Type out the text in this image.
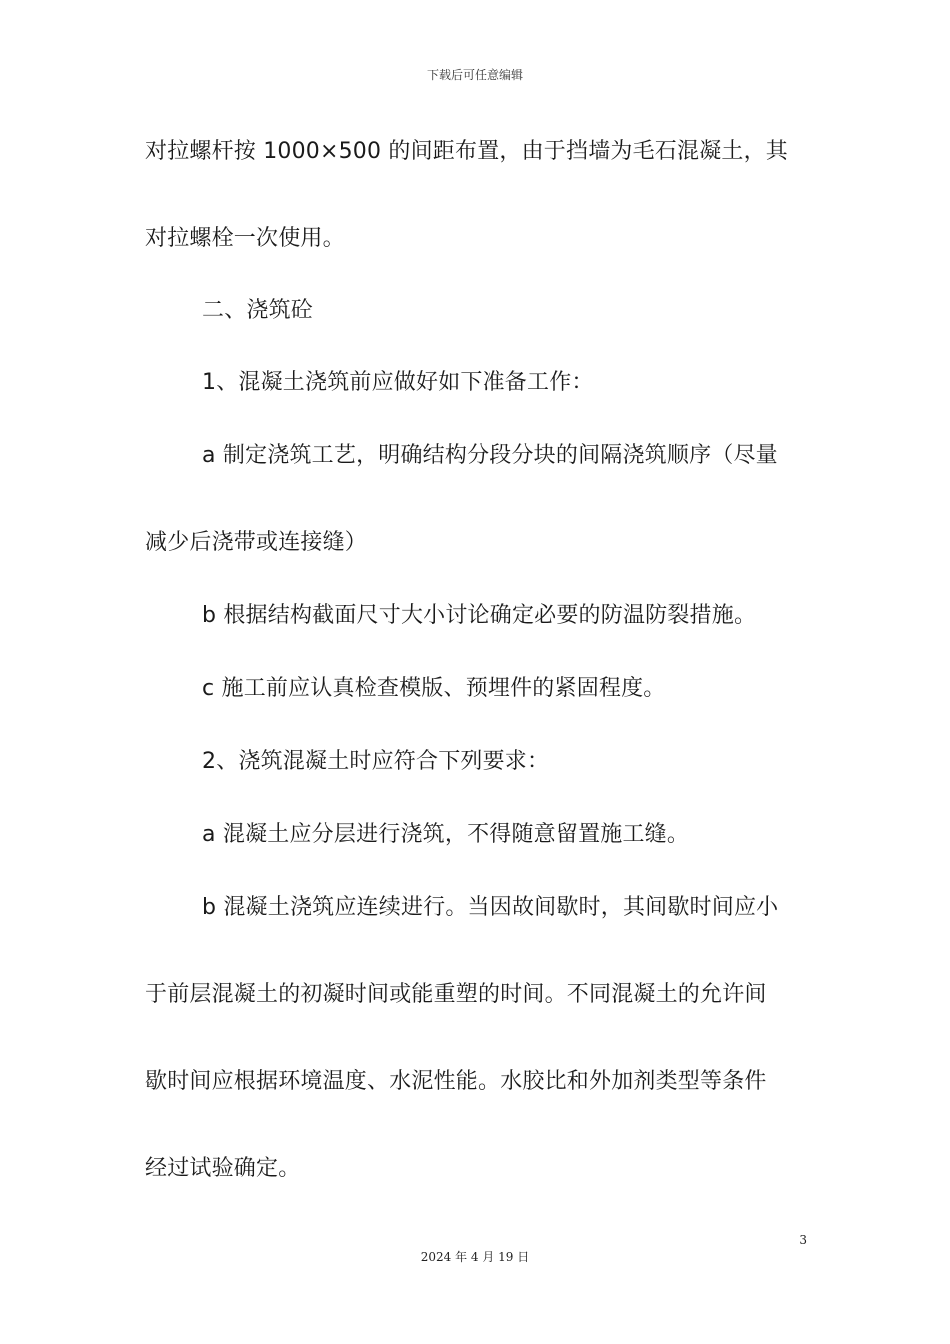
下载后可任意编辑
对拉螺杆按 1000×500 的间距布置，由于挡墙为毛石混凝土，其
对拉螺栓一次使用。
二、浇筑砼
1、混凝土浇筑前应做好如下准备工作：
a 制定浇筑工艺，明确结构分段分块的间隔浇筑顺序（尽量
减少后浇带或连接缝）
b 根据结构截面尺寸大小讨论确定必要的防温防裂措施。
c 施工前应认真检查模版、预埋件的紧固程度。
2、浇筑混凝土时应符合下列要求：
a 混凝土应分层进行浇筑，不得随意留置施工缝。
b 混凝土浇筑应连续进行。当因故间歇时，其间歇时间应小
于前层混凝土的初凝时间或能重塑的时间。不同混凝土的允许间
歇时间应根据环境温度、水泥性能。水胶比和外加剂类型等条件
经过试验确定。
3
2024 年 4 月 19 日
